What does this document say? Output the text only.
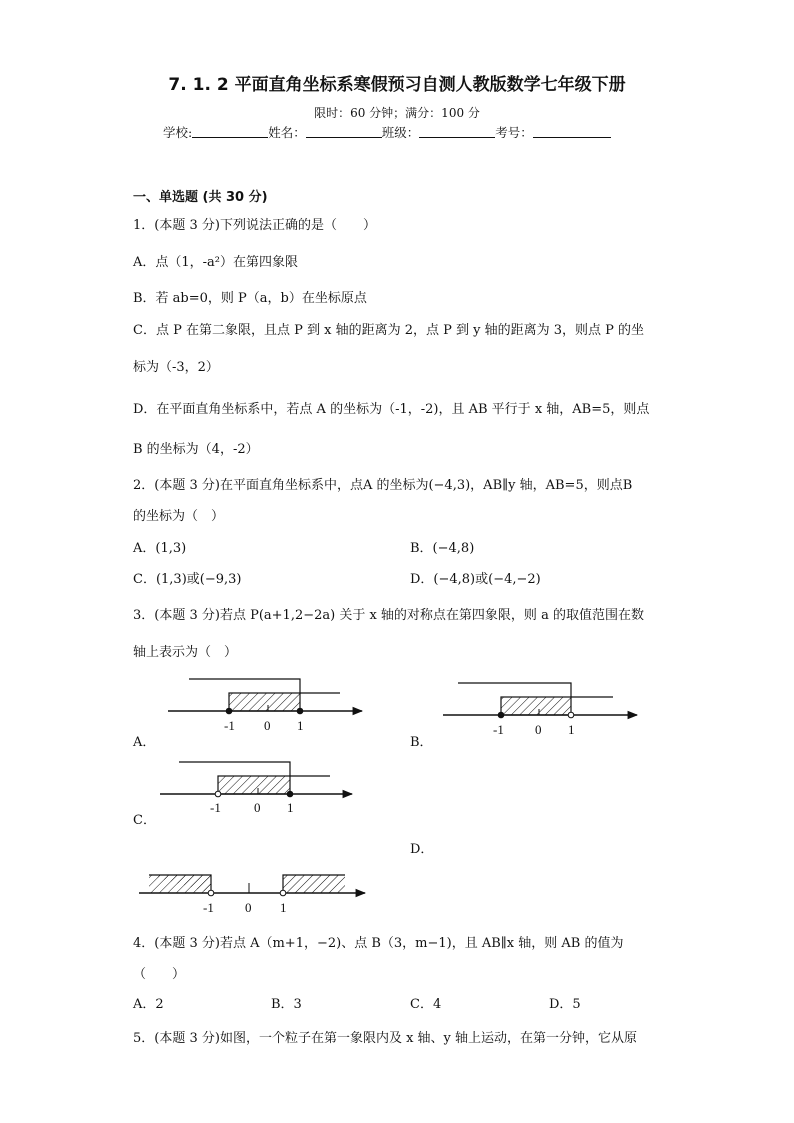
7. 1. 2 平面直角坐标系寒假预习自测人教版数学七年级下册
限时：60 分钟；满分：100 分
学校:	姓名：	班级：	考号：
一、单选题 (共 30 分)
1．(本题 3 分)下列说法正确的是（　　）
A．点（1，-a²）在第四象限
B．若 ab=0，则 P（a，b）在坐标原点
C．点 P 在第二象限，且点 P 到 x 轴的距离为 2，点 P 到 y 轴的距离为 3，则点 P 的坐
标为（-3，2）
D．在平面直角坐标系中，若点 A 的坐标为（-1，-2)，且 AB 平行于 x 轴，AB=5，则点
B 的坐标为（4，-2）
2．(本题 3 分)在平面直角坐标系中，点A 的坐标为(−4,3)，AB∥y 轴，AB=5，则点B
的坐标为（　）
A．(1,3)	B．(−4,8)
C．(1,3)或(−9,3)	D．(−4,8)或(−4,−2)
3．(本题 3 分)若点 P(a+1,2−2a) 关于 x 轴的对称点在第四象限，则 a 的取值范围在数
轴上表示为（　）
A．
-1 0 1
B．
-1 0 1
C．
-1	0 1
D．
-1 0 1
4．(本题 3 分)若点 A（m+1，−2)、点 B（3，m−1)，且 AB∥x 轴，则 AB 的值为
（　　）
A．2	B．3	C．4	D．5
5．(本题 3 分)如图，一个粒子在第一象限内及 x 轴、y 轴上运动，在第一分钟，它从原
